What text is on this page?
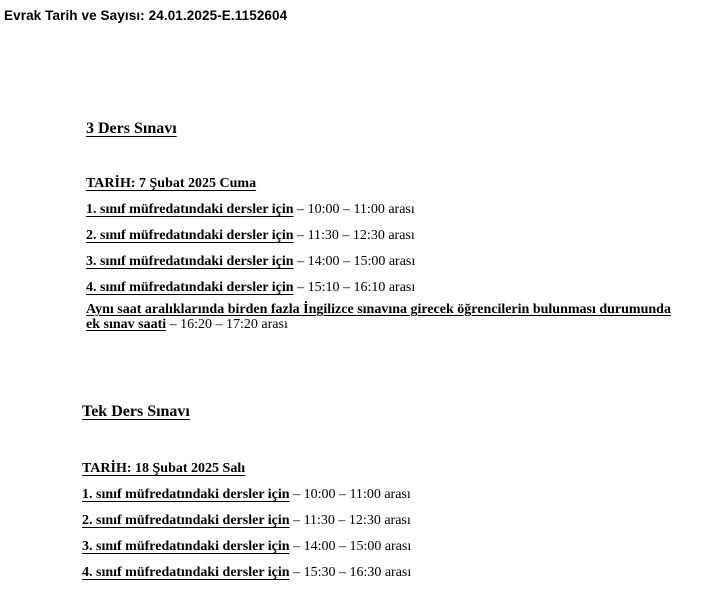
Evrak Tarih ve Sayısı: 24.01.2025-E.1152604
3 Ders Sınavı
TARİH: 7 Şubat 2025 Cuma
1. sınıf müfredatındaki dersler için – 10:00 – 11:00 arası
2. sınıf müfredatındaki dersler için – 11:30 – 12:30 arası
3. sınıf müfredatındaki dersler için – 14:00 – 15:00 arası
4. sınıf müfredatındaki dersler için – 15:10 – 16:10 arası
Aynı saat aralıklarında birden fazla İngilizce sınavına girecek öğrencilerin bulunması durumunda ek sınav saati – 16:20 – 17:20 arası
Tek Ders Sınavı
TARİH: 18 Şubat 2025 Salı
1. sınıf müfredatındaki dersler için – 10:00 – 11:00 arası
2. sınıf müfredatındaki dersler için – 11:30 – 12:30 arası
3. sınıf müfredatındaki dersler için – 14:00 – 15:00 arası
4. sınıf müfredatındaki dersler için – 15:30 – 16:30 arası
